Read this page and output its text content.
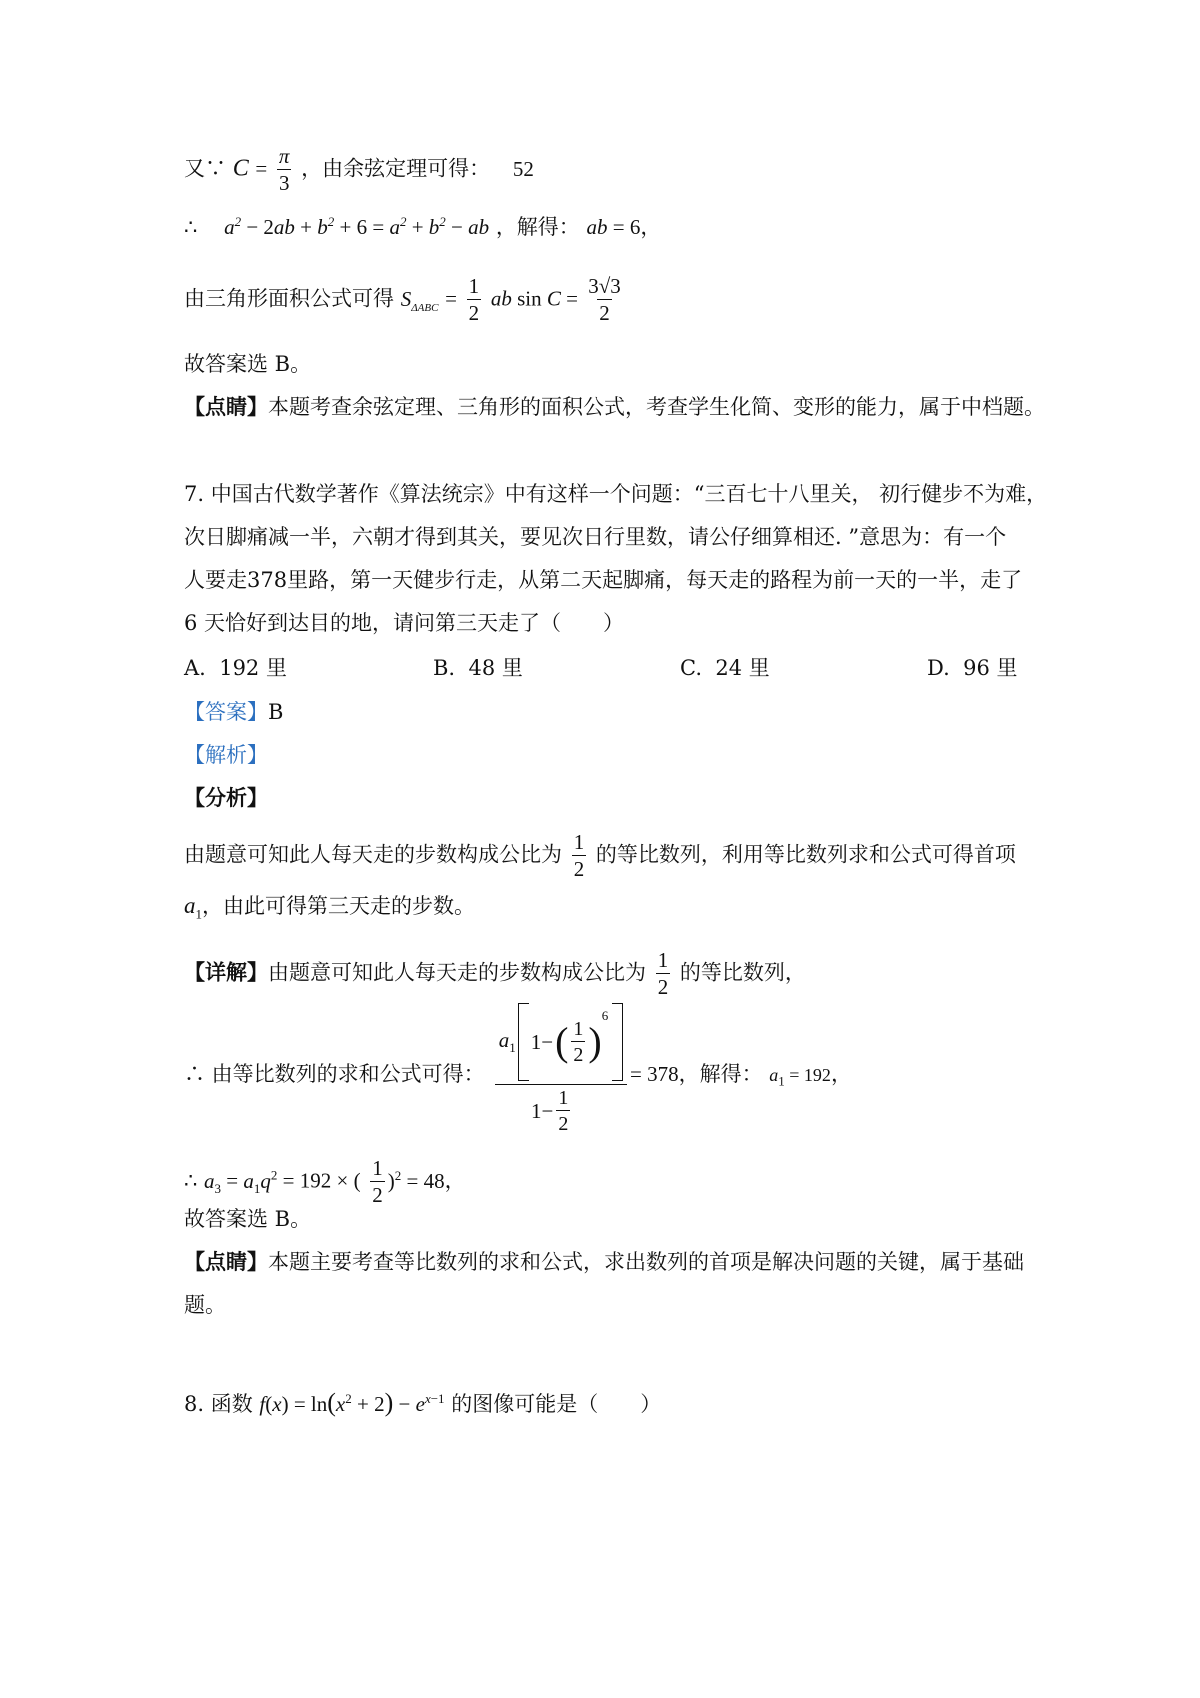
又∵ $C = \frac{\pi}{3}$ ，由余弦定理可得： 52
∴ $a^2 - 2ab + b^2 + 6 = a^2 + b^2$ − ab ，解得： ab = 6，
由三角形面积公式可得 $S_{\Delta ABC} = \frac{1}{2}$ ab $\sin C = \frac{3√3}{2}$
故答案选 B。
【点睛】本题考查余弦定理、三角形的面积公式，考查学生化简、变形的能力，属于中档题。
7. 中国古代数学著作《算法统宗》中有这样一个问题：“三百七十八里关， 初行健步不为难，
次日脚痛减一半，六朝才得到其关，要见次日行里数，请公仔细算相还. ”意思为：有一个
人要走378里路，第一天健步行走，从第二天起脚痛，每天走的路程为前一天的一半，走了
6 天恰好到达目的地，请问第三天走了（　　）
A. 192 里	B. 48 里	C. 24 里	D. 96 里
【答案】B
【解析】
【分析】
由题意可知此人每天走的步数构成公比为 $\frac{1}{2}$ 的等比数列，利用等比数列求和公式可得首项
$a_1$，由此可得第三天走的步数。
【详解】由题意可知此人每天走的步数构成公比为 $\frac{1}{2}$ 的等比数列，
∴ 由等比数列的求和公式可得：
$a_1$ 1− ( $\frac{1}{2}$ )
6
$1- \frac{1}{2}$
= 378，解得： $a_1 = 192$，
∴ $a_3 = a_1q^2 = 192$ × ( $\frac{1}{2} )^2 = 48$，
故答案选 B。
【点睛】本题主要考查等比数列的求和公式，求出数列的首项是解决问题的关键，属于基础
题。
8. 函数 $f(x) = \ln(x^2 + 2) - e^{x-1}$ 的图像可能是（　　）
